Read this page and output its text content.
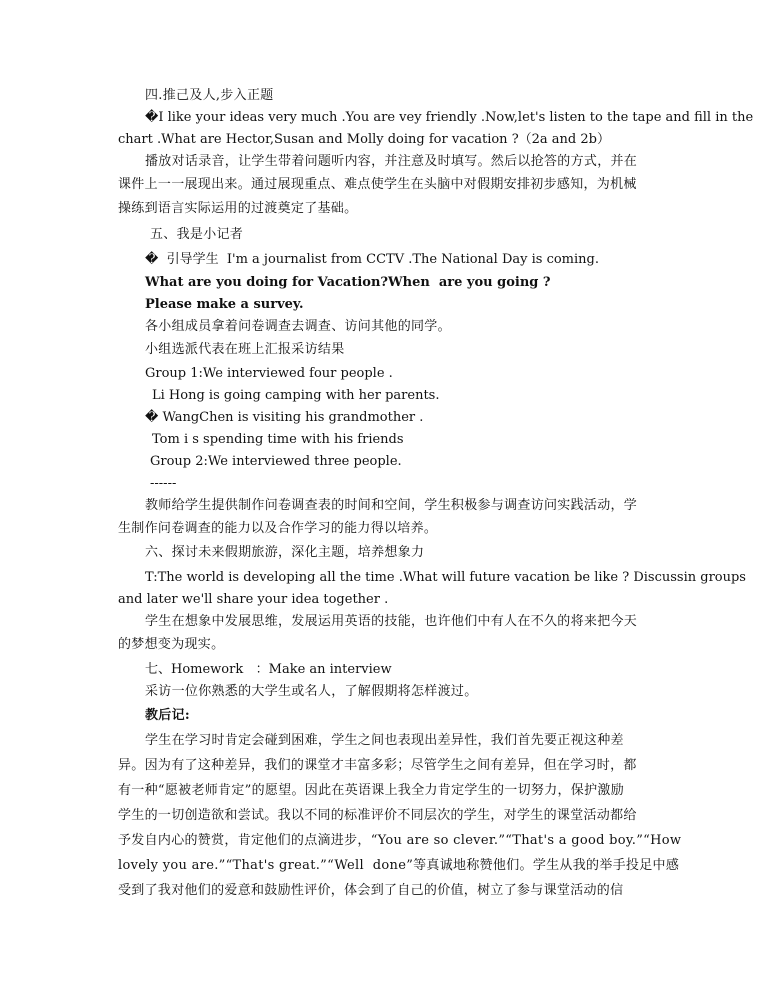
四.推己及人,步入正题
�I like your ideas very much .You are vey friendly .Now,let's listen to the tape and fill in the
chart .What are Hector,Susan and Molly doing for vacation ?（2a and 2b）
播放对话录音，让学生带着问题听内容，并注意及时填写。然后以抢答的方式，并在
课件上一一展现出来。通过展现重点、难点使学生在头脑中对假期安排初步感知，为机械
操练到语言实际运用的过渡奠定了基础。
五、我是小记者
�  引导学生  I'm a journalist from CCTV .The National Day is coming.
What are you doing for Vacation?When  are you going ?
Please make a survey.
各小组成员拿着问卷调查去调查、访问其他的同学。
小组选派代表在班上汇报采访结果
Group 1:We interviewed four people .
Li Hong is going camping with her parents.
� WangChen is visiting his grandmother .
Tom i s spending time with his friends
Group 2:We interviewed three people.
------
教师给学生提供制作问卷调查表的时间和空间，学生积极参与调查访问实践活动，学
生制作问卷调查的能力以及合作学习的能力得以培养。
六、探讨未来假期旅游，深化主题，培养想象力
T:The world is developing all the time .What will future vacation be like ? Discussin groups
and later we'll share your idea together .
学生在想象中发展思维，发展运用英语的技能，也许他们中有人在不久的将来把今天
的梦想变为现实。
七、Homework   ：Make an interview
采访一位你熟悉的大学生或名人，了解假期将怎样渡过。
教后记:
学生在学习时肯定会碰到困难，学生之间也表现出差异性，我们首先要正视这种差
异。因为有了这种差异，我们的课堂才丰富多彩；尽管学生之间有差异，但在学习时，都
有一种“愿被老师肯定”的愿望。因此在英语课上我全力肯定学生的一切努力，保护激励
学生的一切创造欲和尝试。我以不同的标准评价不同层次的学生，对学生的课堂活动都给
予发自内心的赞赏，肯定他们的点滴进步，“You are so clever.”“That's a good boy.”“How
lovely you are.”“That's great.”“Well  done”等真诚地称赞他们。学生从我的举手投足中感
受到了我对他们的爱意和鼓励性评价，体会到了自己的价值，树立了参与课堂活动的信
